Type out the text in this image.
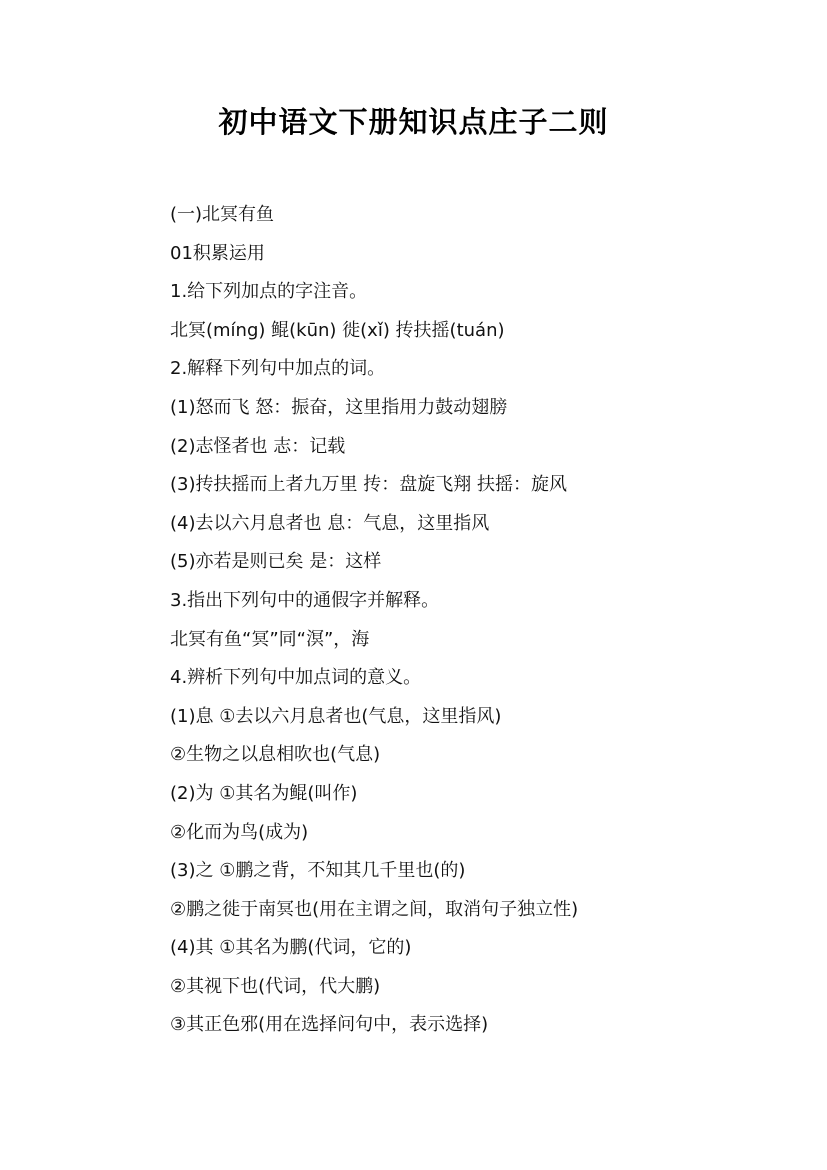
初中语文下册知识点庄子二则
(一)北冥有鱼
01积累运用
1.给下列加点的字注音。
北冥(míng) 鲲(kūn) 徙(xǐ) 抟扶摇(tuán)
2.解释下列句中加点的词。
(1)怒而飞 怒：振奋，这里指用力鼓动翅膀
(2)志怪者也 志：记载
(3)抟扶摇而上者九万里 抟：盘旋飞翔 扶摇：旋风
(4)去以六月息者也 息：气息，这里指风
(5)亦若是则已矣 是：这样
3.指出下列句中的通假字并解释。
北冥有鱼“冥”同“溟”，海
4.辨析下列句中加点词的意义。
(1)息 ①去以六月息者也(气息，这里指风)
②生物之以息相吹也(气息)
(2)为 ①其名为鲲(叫作)
②化而为鸟(成为)
(3)之 ①鹏之背，不知其几千里也(的)
②鹏之徙于南冥也(用在主谓之间，取消句子独立性)
(4)其 ①其名为鹏(代词，它的)
②其视下也(代词，代大鹏)
③其正色邪(用在选择问句中，表示选择)
